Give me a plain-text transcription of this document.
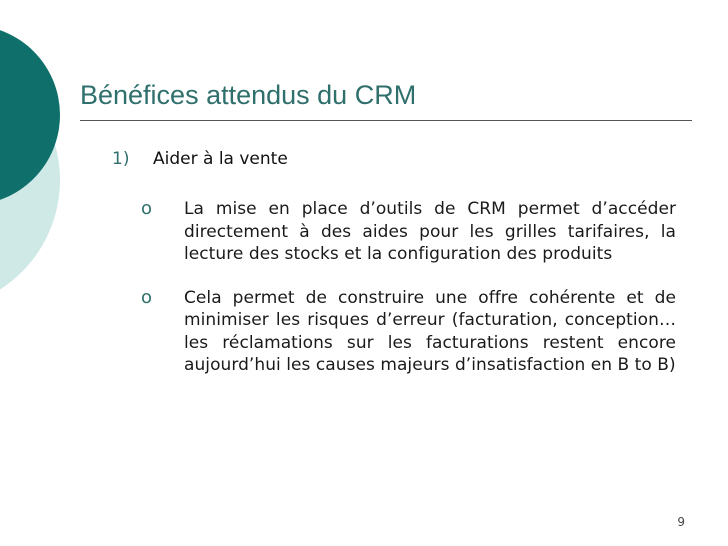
Bénéfices attendus du CRM
1)	Aider à la vente
o La mise en place d’outils de CRM permet d’accéder directement à des aides pour les grilles tarifaires, la lecture des stocks et la configuration des produits
o Cela permet de construire une offre cohérente et de minimiser les risques d’erreur (facturation, conception…les réclamations sur les facturations restent encore aujourd’hui les causes majeurs d’insatisfaction en B to B)
9
